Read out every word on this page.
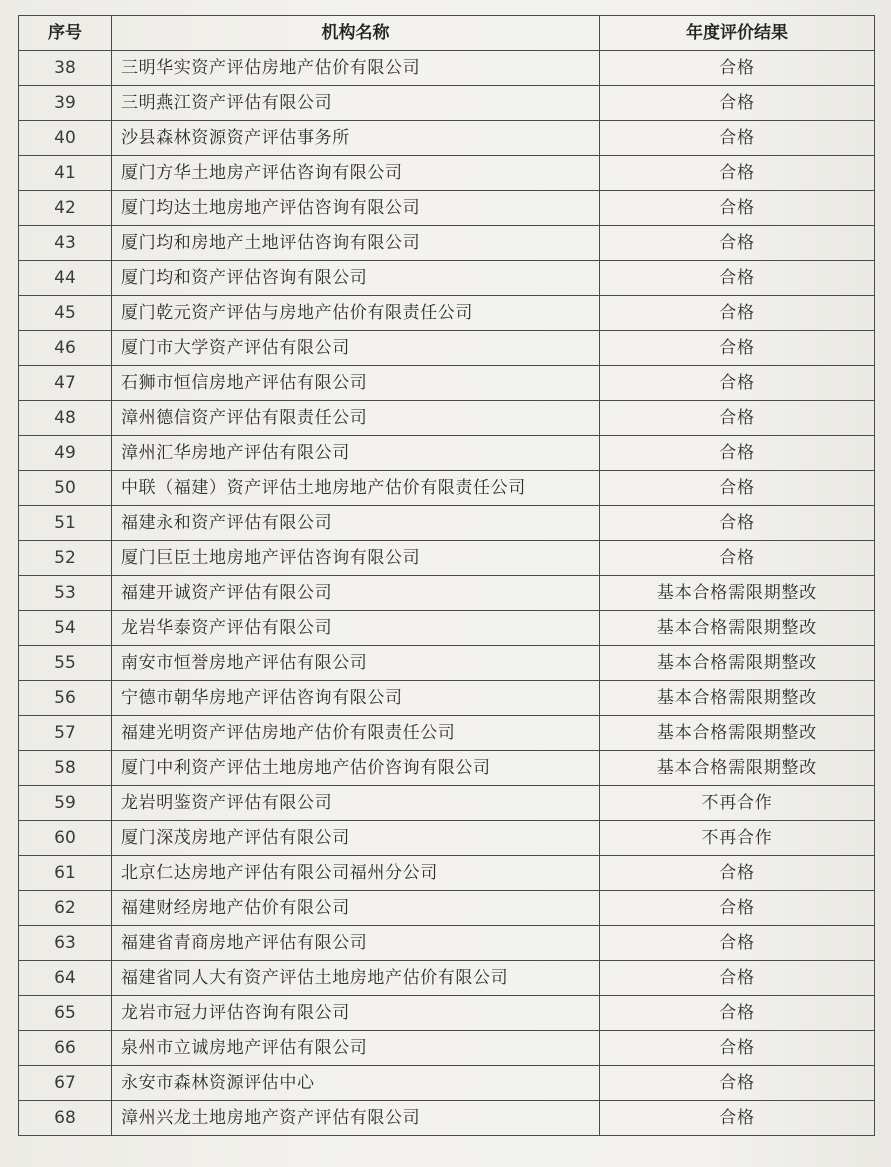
序号	机构名称	年度评价结果
38	三明华实资产评估房地产估价有限公司	合格
39	三明燕江资产评估有限公司	合格
40	沙县森林资源资产评估事务所	合格
41	厦门方华土地房产评估咨询有限公司	合格
42	厦门均达土地房地产评估咨询有限公司	合格
43	厦门均和房地产土地评估咨询有限公司	合格
44	厦门均和资产评估咨询有限公司	合格
45	厦门乾元资产评估与房地产估价有限责任公司	合格
46	厦门市大学资产评估有限公司	合格
47	石狮市恒信房地产评估有限公司	合格
48	漳州德信资产评估有限责任公司	合格
49	漳州汇华房地产评估有限公司	合格
50	中联（福建）资产评估土地房地产估价有限责任公司	合格
51	福建永和资产评估有限公司	合格
52	厦门巨臣土地房地产评估咨询有限公司	合格
53	福建开诚资产评估有限公司	基本合格需限期整改
54	龙岩华泰资产评估有限公司	基本合格需限期整改
55	南安市恒誉房地产评估有限公司	基本合格需限期整改
56	宁德市朝华房地产评估咨询有限公司	基本合格需限期整改
57	福建光明资产评估房地产估价有限责任公司	基本合格需限期整改
58	厦门中利资产评估土地房地产估价咨询有限公司	基本合格需限期整改
59	龙岩明鉴资产评估有限公司	不再合作
60	厦门深茂房地产评估有限公司	不再合作
61	北京仁达房地产评估有限公司福州分公司	合格
62	福建财经房地产估价有限公司	合格
63	福建省青商房地产评估有限公司	合格
64	福建省同人大有资产评估土地房地产估价有限公司	合格
65	龙岩市冠力评估咨询有限公司	合格
66	泉州市立诚房地产评估有限公司	合格
67	永安市森林资源评估中心	合格
68	漳州兴龙土地房地产资产评估有限公司	合格
